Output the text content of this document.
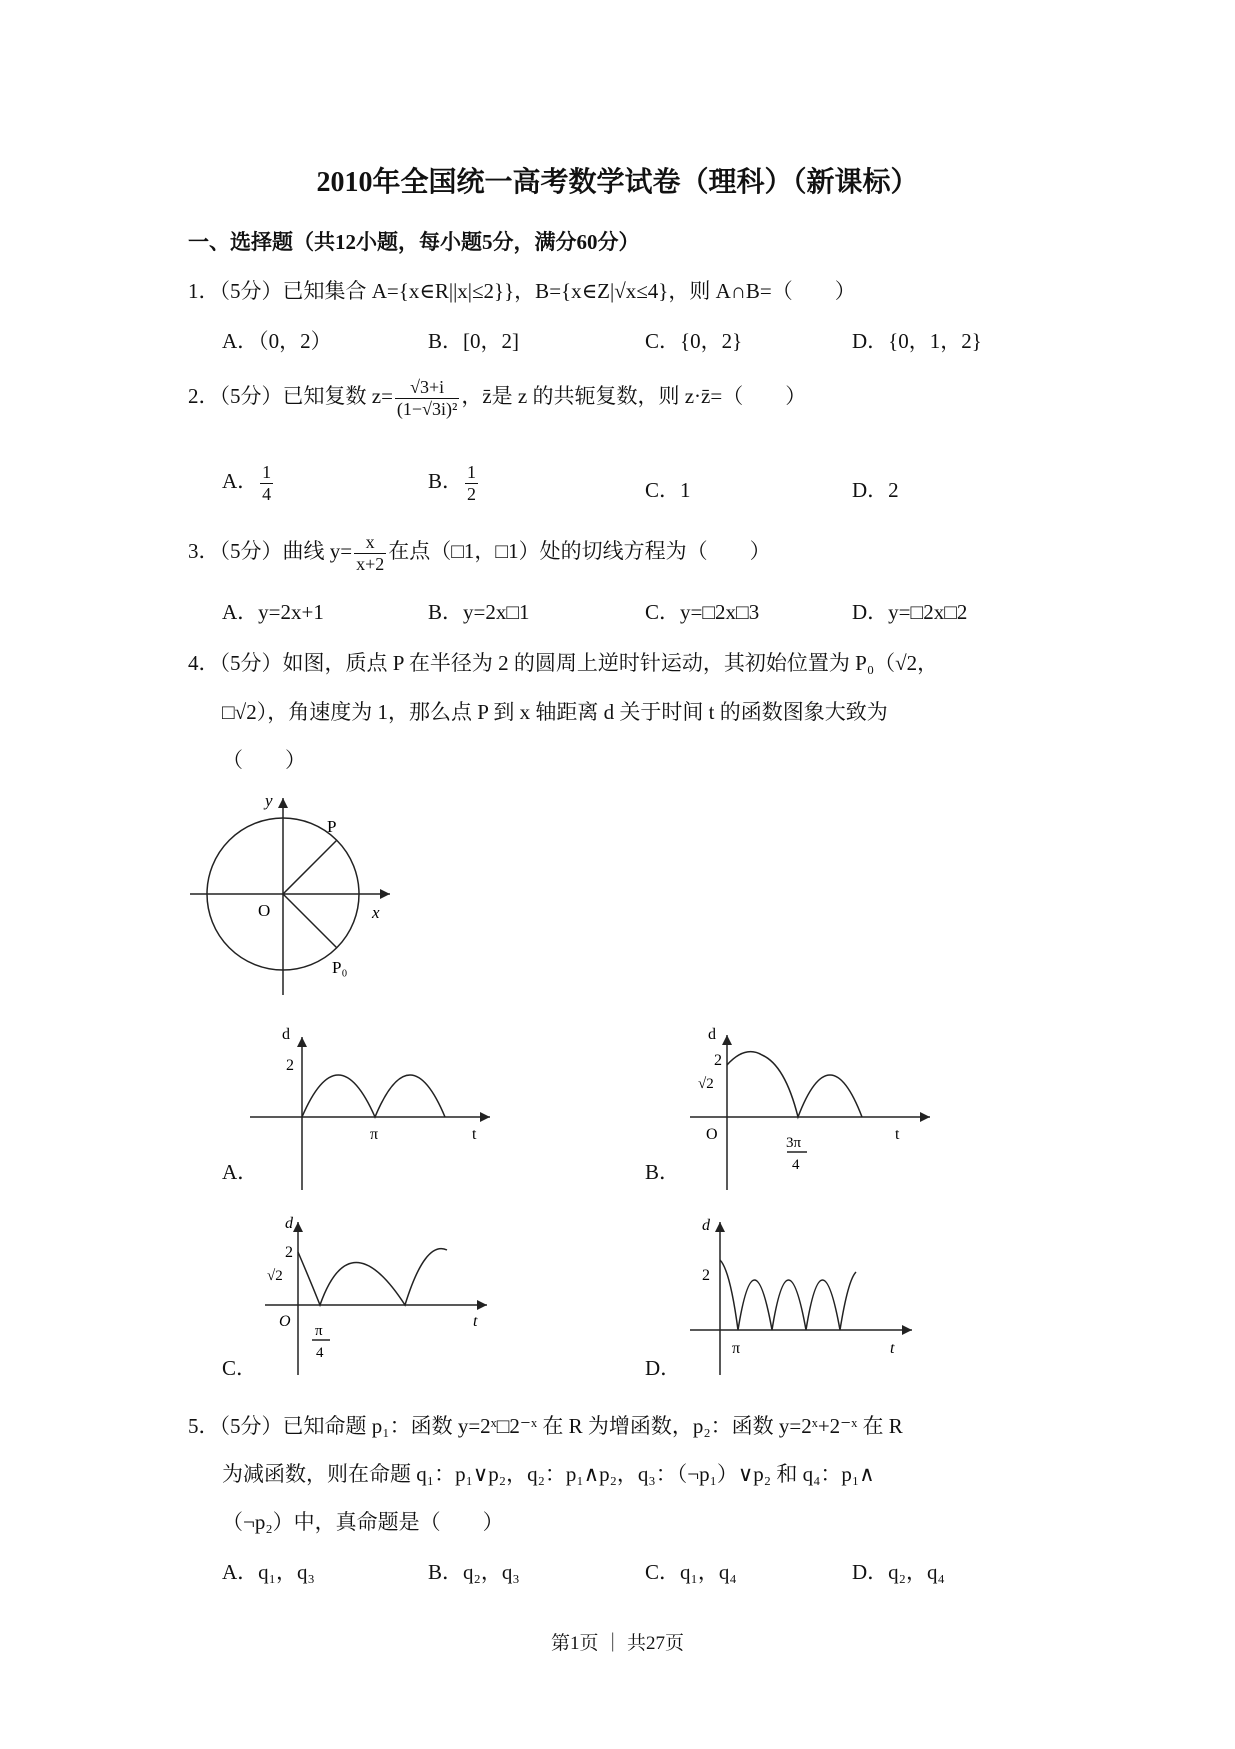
2010年全国统一高考数学试卷（理科）（新课标）
一、选择题（共12小题，每小题5分，满分60分）
1．（5分）已知集合 A={x∈R||x|≤2}}，B={x∈Z|√x≤4}，则 A∩B=（　　）
A．（0，2）	B．[0，2]	C．{0，2}	D．{0，1，2}
2．（5分）已知复数 $z= \frac{√3+i}{\text{(1−√3i)²}}$ ，z̄是 z 的共轭复数，则 z·z̄=（　　）
A． $\frac{1}{4}$	B． $\frac{1}{2}$	C．1	D．2
3．（5分）曲线 $y= \frac{x}{x+2}$ 在点（□1，□1）处的切线方程为（　　）
A．y=2x+1	B．y=2x□1	C．y=□2x□3	D．y=□2x□2
4．（5分）如图，质点 P 在半径为 2 的圆周上逆时针运动，其初始位置为 P₀（√2，
□√2），角速度为 1，那么点 P 到 x 轴距离 d 关于时间 t 的函数图象大致为
（　　）
y
x
O
P
P₀
d
2
π	t
A．
d
2
√2
O	3π
4
t
B．
d
2
√2
O
π
4
t
C．
d
2
π	t
D．
5．（5分）已知命题 p₁：函数 y=2ˣ□2⁻ˣ 在 R 为增函数，p₂：函数 y=2ˣ+2⁻ˣ 在 R
为减函数，则在命题 q₁：p₁∨p₂，q₂：p₁∧p₂，q₃：（¬p₁）∨p₂ 和 q₄：p₁∧
（¬p₂）中，真命题是（　　）
A．q₁，q₃	B．q₂，q₃	C．q₁，q₄	D．q₂，q₄
第1页 ｜ 共27页
